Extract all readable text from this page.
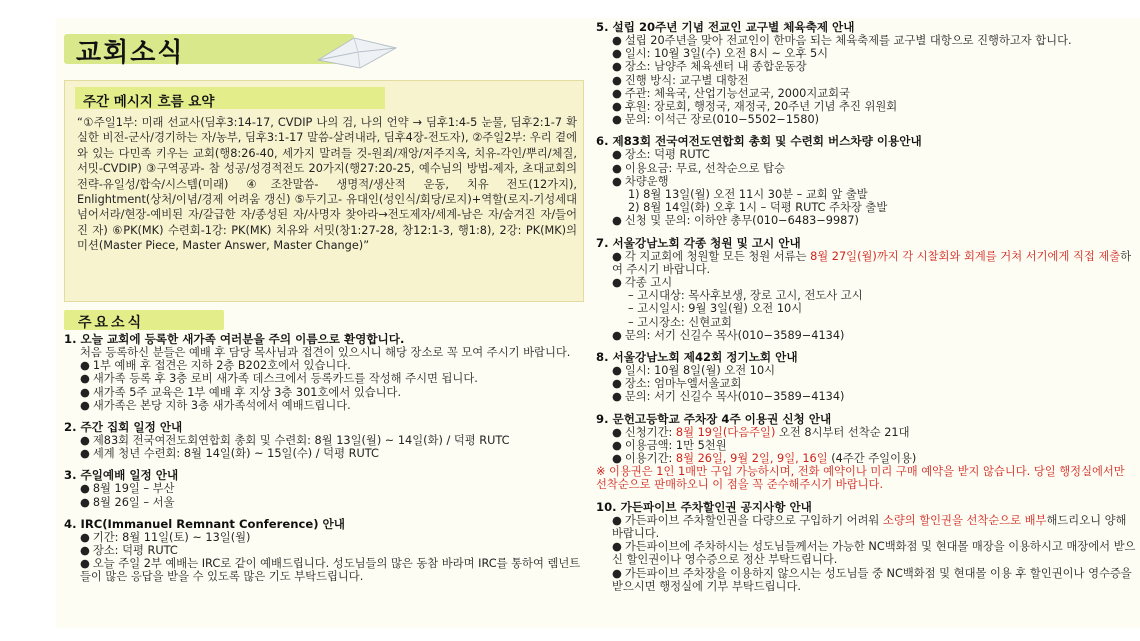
교회소식
주간 메시지 흐름 요약
“①주일1부: 미래 선교사(딤후3:14-17, CVDIP 나의 검, 나의 언약 → 딤후1:4-5 눈물, 딤후2:1-7 확실한 비전-군사/경기하는 자/농부, 딤후3:1-17 말씀-살려내라, 딤후4장-전도자), ②주일2부: 우리 곁에 와 있는 다민족 키우는 교회(행8:26-40, 세가지 말려들 것-원죄/재앙/저주지옥, 치유-각인/뿌리/체질, 서밋-CVDIP) ③구역공과- 참 성공/성경적전도 20가지(행27:20-25, 예수님의 방법-제자, 초대교회의 전략-유일성/합숙/시스템(미래) ④조찬말씀- 생명적/생산적 운동, 치유 전도(12가지), Enlightment(상처/이념/경제 어려움 갱신) ⑤두기고- 유대인(성인식/회당/로지)+역할(로지-기성세대 넘어서라/현장-예비된 자/갈급한 자/종성된 자/사명자 찾아라→전도제자/세계-남은 자/숨겨진 자/들어진 자) ⑥PK(MK) 수련회-1강: PK(MK) 치유와 서밋(창1:27-28, 창12:1-3, 행1:8), 2강: PK(MK)의 미션(Master Piece, Master Answer, Master Change)”
주요소식
1. 오늘 교회에 등록한 새가족 여러분을 주의 이름으로 환영합니다.
처음 등록하신 분들은 예배 후 담당 목사님과 접견이 있으시니 해당 장소로 꼭 모여 주시기 바랍니다.
● 1부 예배 후 접견은 지하 2층 B202호에서 있습니다.
● 새가족 등록 후 3층 로비 새가족 데스크에서 등록카드를 작성해 주시면 됩니다.
● 새가족 5주 교육은 1부 예배 후 지상 3층 301호에서 있습니다.
● 새가족은 본당 지하 3층 새가족석에서 예배드립니다.
2. 주간 집회 일정 안내
● 제83회 전국여전도회연합회 총회 및 수련회: 8월 13일(월) ~ 14일(화) / 덕평 RUTC
● 세계 청년 수련회: 8월 14일(화) ~ 15일(수) / 덕평 RUTC
3. 주일예배 일정 안내
● 8월 19일 – 부산
● 8월 26일 – 서울
4. IRC(Immanuel Remnant Conference) 안내
● 기간: 8월 11일(토) ~ 13일(월)
● 장소: 덕평 RUTC
● 오늘 주일 2부 예배는 IRC로 같이 예배드립니다. 성도님들의 많은 동참 바라며 IRC를 통하여 렘넌트들이 많은 응답을 받을 수 있도록 많은 기도 부탁드립니다.
5. 설립 20주년 기념 전교인 교구별 체육축제 안내
● 설립 20주년을 맞아 전교인이 한마음 되는 체육축제를 교구별 대항으로 진행하고자 합니다.
● 일시: 10월 3일(수) 오전 8시 ~ 오후 5시
● 장소: 남양주 체육센터 내 종합운동장
● 진행 방식: 교구별 대항전
● 주관: 체육국, 산업기능선교국, 2000지교회국
● 후원: 장로회, 행정국, 재정국, 20주년 기념 추진 위원회
● 문의: 이석근 장로(010−5502−1580)
6. 제83회 전국여전도연합회 총회 및 수련회 버스차량 이용안내
● 장소: 덕평 RUTC
● 이용요금: 무료, 선착순으로 탑승
● 차량운행
1) 8월 13일(월) 오전 11시 30분 – 교회 앞 출발
2) 8월 14일(화) 오후 1시 – 덕평 RUTC 주차장 출발
● 신청 및 문의: 이하얀 총무(010−6483−9987)
7. 서울강남노회 각종 청원 및 고시 안내
● 각 지교회에 청원할 모든 청원 서류는 8월 27일(월)까지 각 시찰회와 회계를 거쳐 서기에게 직접 제출하여 주시기 바랍니다.
● 각종 고시
– 고시대상: 목사후보생, 장로 고시, 전도사 고시
– 고시일시: 9월 3일(월) 오전 10시
– 고시장소: 신현교회
● 문의: 서기 신길수 목사(010−3589−4134)
8. 서울강남노회 제42회 정기노회 안내
● 일시: 10월 8일(월) 오전 10시
● 장소: 엄마누엘서울교회
● 문의: 서기 신길수 목사(010−3589−4134)
9. 문헌고등학교 주차장 4주 이용권 신청 안내
● 신청기간: 8월 19일(다음주일) 오전 8시부터 선착순 21대
● 이용금액: 1만 5천원
● 이용기간: 8월 26일, 9월 2일, 9일, 16일 (4주간 주일이용)
※ 이용권은 1인 1매만 구입 가능하시며, 전화 예약이나 미리 구매 예약을 받지 않습니다. 당일 행정실에서만 선착순으로 판매하오니 이 점을 꼭 준수해주시기 바랍니다.
10. 가든파이브 주차할인권 공지사항 안내
● 가든파이브 주차할인권을 다량으로 구입하기 어려워 소량의 할인권을 선착순으로 배부해드리오니 양해바랍니다.
● 가든파이브에 주차하시는 성도님들께서는 가능한 NC백화점 및 현대몰 매장을 이용하시고 매장에서 받으신 할인권이나 영수증으로 정산 부탁드립니다.
● 가든파이브 주차장을 이용하지 않으시는 성도님들 중 NC백화점 및 현대몰 이용 후 할인권이나 영수증을 받으시면 행정실에 기부 부탁드립니다.
